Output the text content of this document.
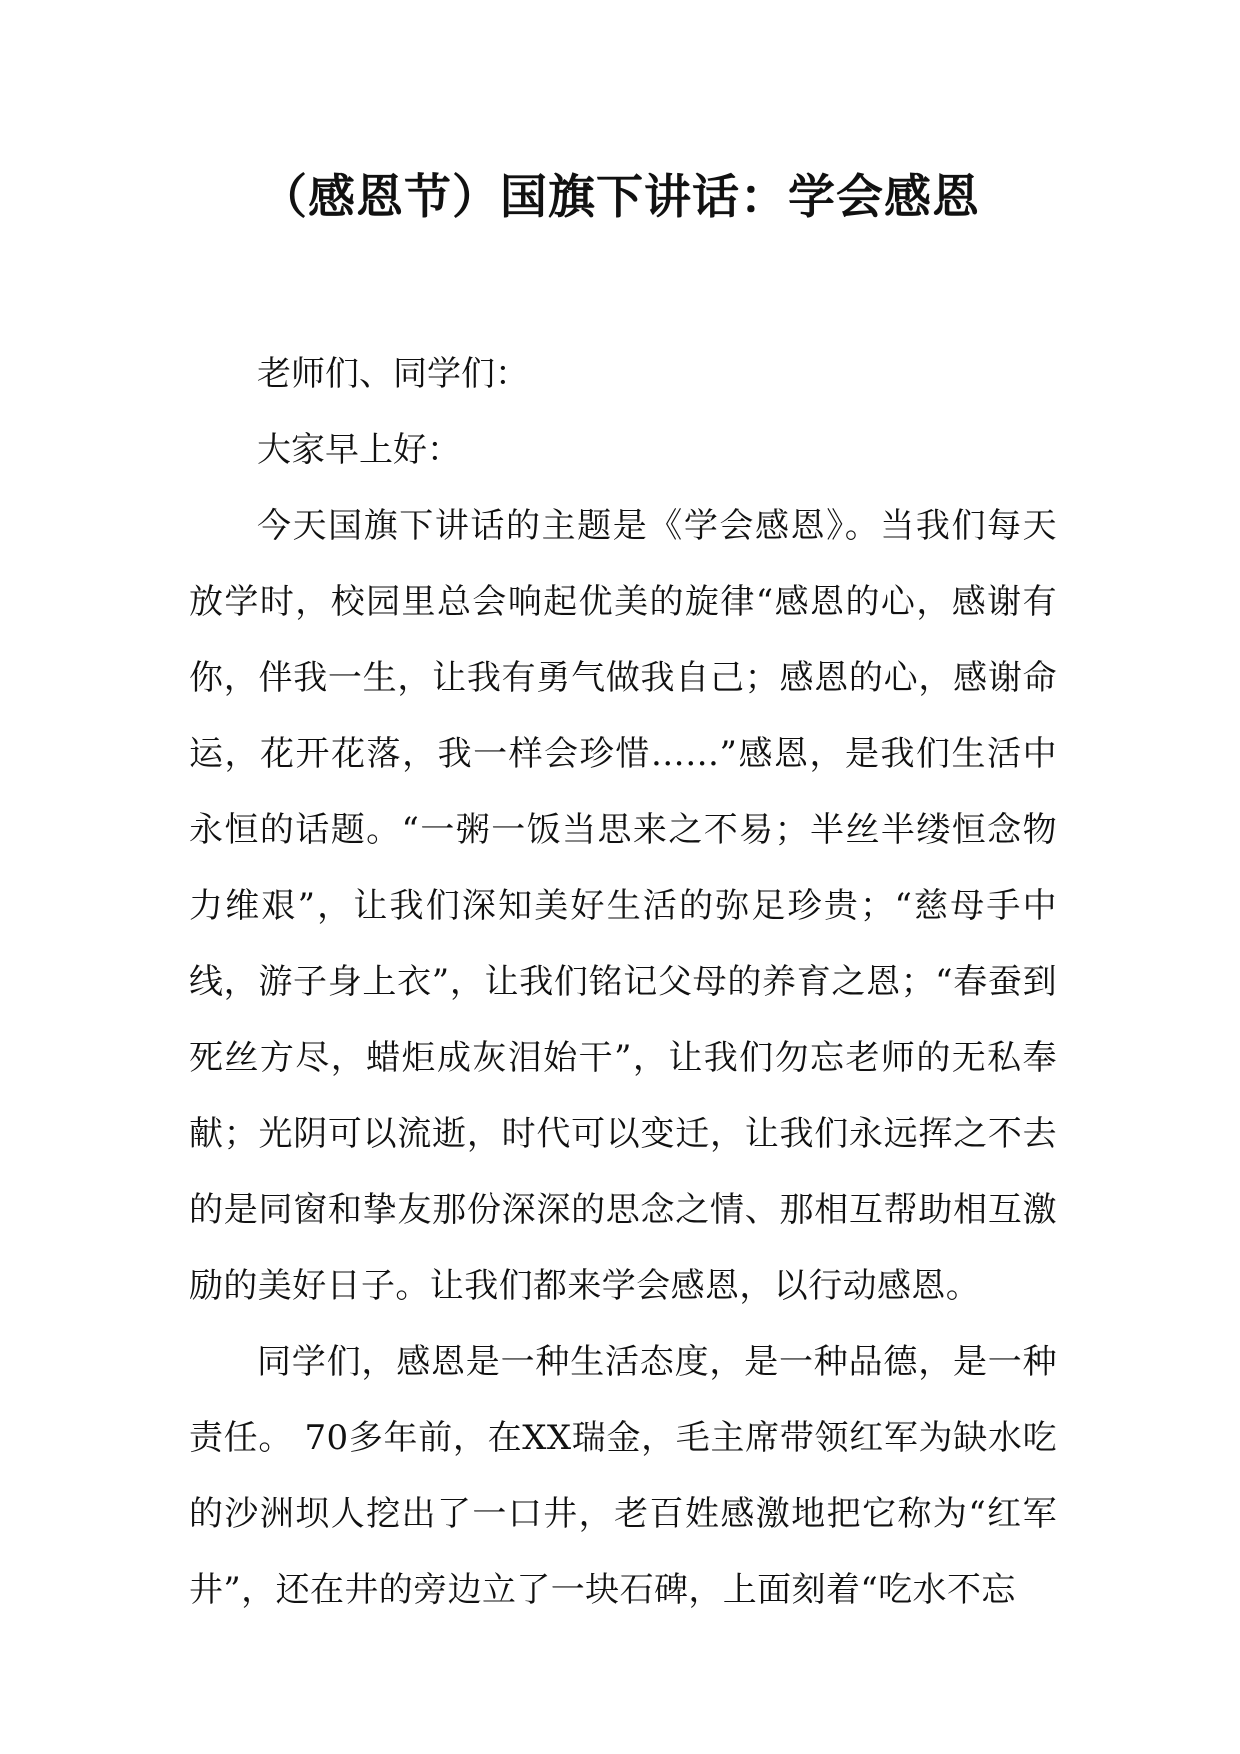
（感恩节）国旗下讲话：学会感恩

老师们、同学们：

大家早上好：

今天国旗下讲话的主题是《学会感恩》。当我们每天放学时，校园里总会响起优美的旋律“感恩的心，感谢有你，伴我一生，让我有勇气做我自己；感恩的心，感谢命运，花开花落，我一样会珍惜……”感恩，是我们生活中永恒的话题。“一粥一饭当思来之不易；半丝半缕恒念物力维艰”，让我们深知美好生活的弥足珍贵；“慈母手中线，游子身上衣”，让我们铭记父母的养育之恩；“春蚕到死丝方尽，蜡炬成灰泪始干”，让我们勿忘老师的无私奉献；光阴可以流逝，时代可以变迁，让我们永远挥之不去的是同窗和挚友那份深深的思念之情、那相互帮助相互激励的美好日子。让我们都来学会感恩，以行动感恩。

同学们，感恩是一种生活态度，是一种品德，是一种责任。 70多年前，在XX瑞金，毛主席带领红军为缺水吃的沙洲坝人挖出了一口井，老百姓感激地把它称为“红军井”，还在井的旁边立了一块石碑，上面刻着“吃水不忘
